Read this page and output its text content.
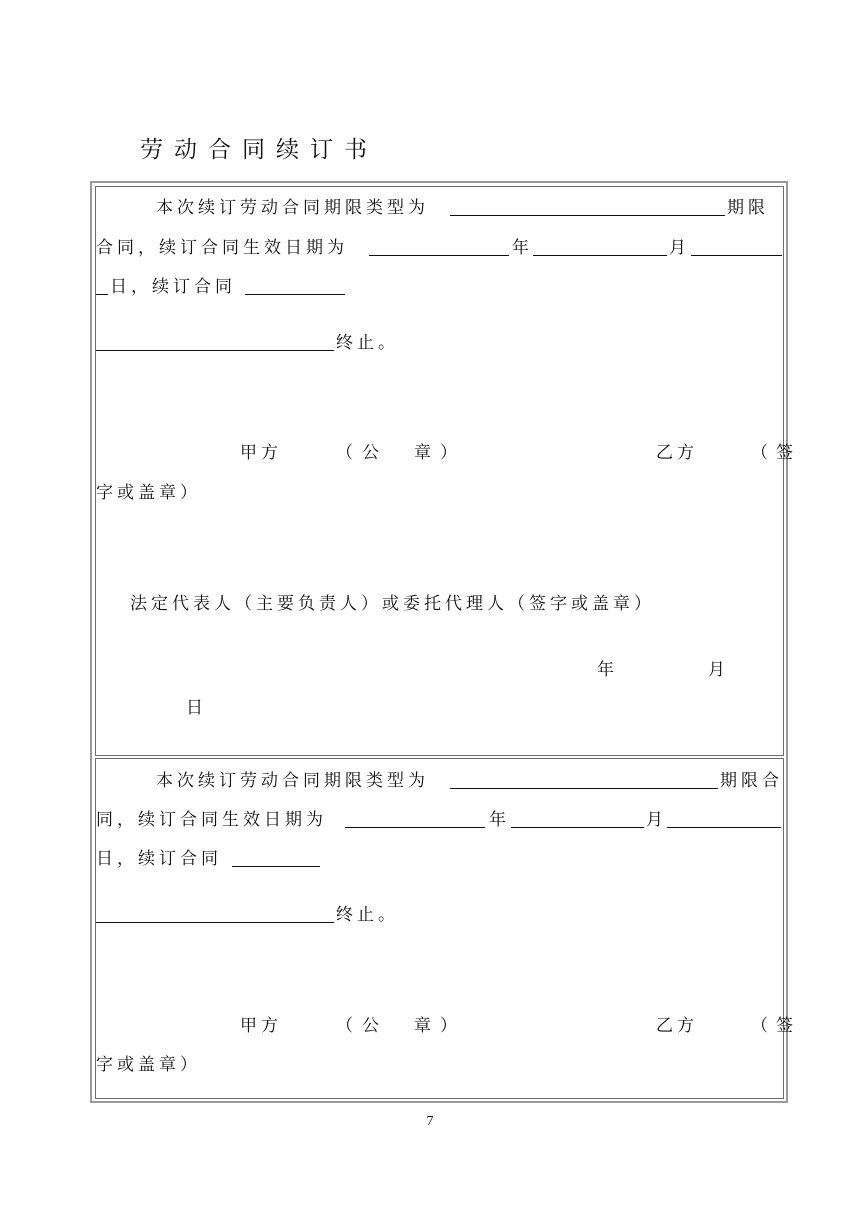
劳动合同续订书
本次续订劳动合同期限类型为	期限
合同，续订合同生效日期为	年	月
日，续订合同
终止。
甲方	（公　章）	乙方	（签
字或盖章）
法定代表人（主要负责人）或委托代理人（签字或盖章）
年	月
日
本次续订劳动合同期限类型为	期限合
同，续订合同生效日期为	年	月
日，续订合同
终止。
甲方	（公　章）	乙方	（签
字或盖章）
7
